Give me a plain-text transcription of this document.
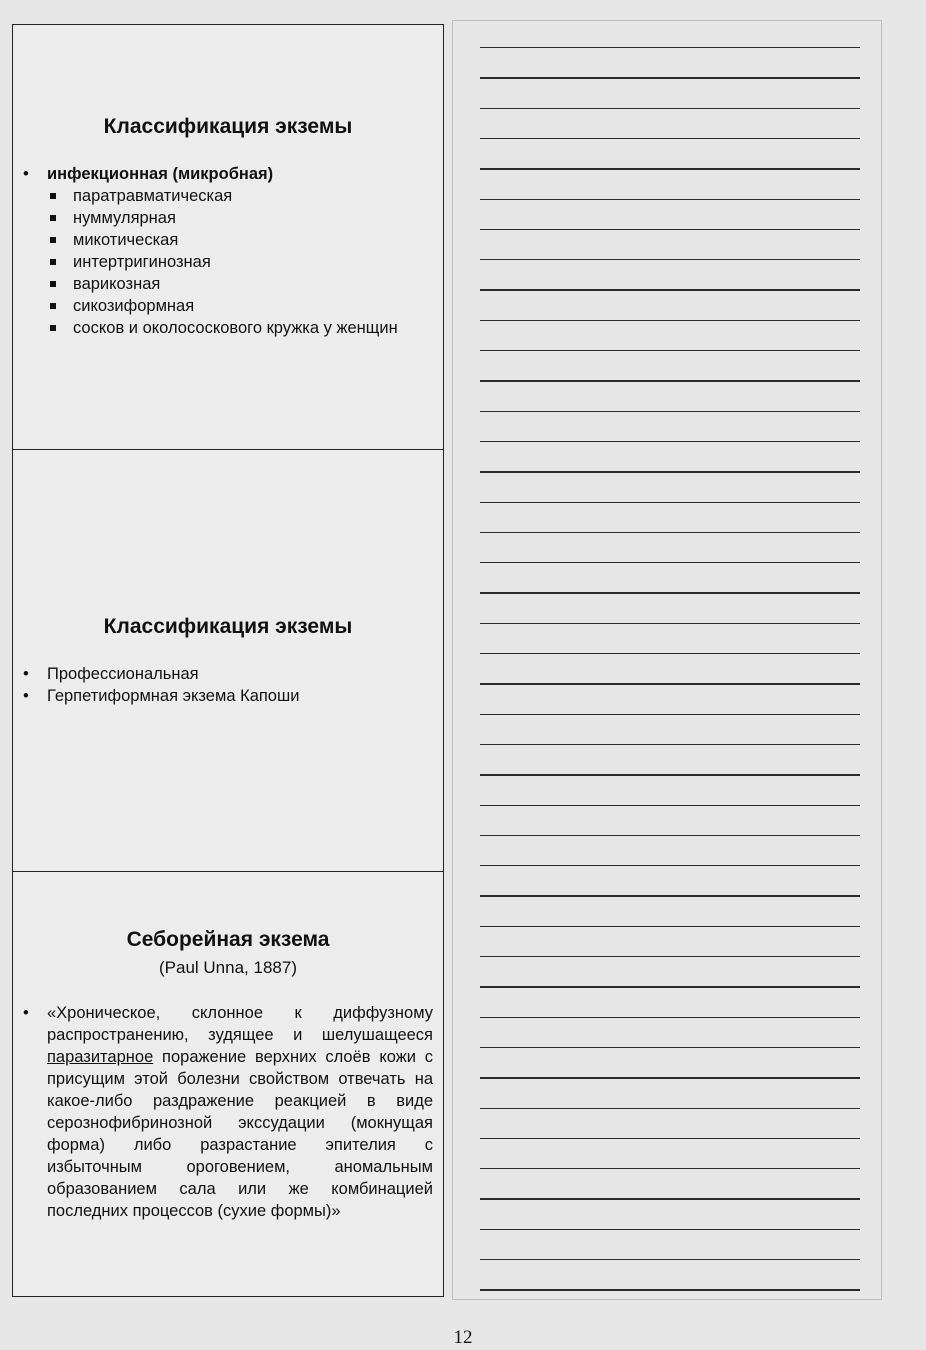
Классификация экземы
• инфекционная (микробная)
паратравматическая
нуммулярная
микотическая
интертригинозная
варикозная
сикозиформная
сосков и околососкового кружка у женщин
Классификация экземы
• Профессиональная
• Герпетиформная экзема Капоши
Себорейная экзема
(Paul Unna, 1887)
• «Хроническое, склонное к диффузному распространению, зудящее и шелушащееся паразитарное поражение верхних слоёв кожи с присущим этой болезни свойством отвечать на какое-либо раздражение реакцией в виде серознофибринозной экссудации (мокнущая форма) либо разрастание эпителия с избыточным ороговением, аномальным образованием сала или же комбинацией последних процессов (сухие формы)»
12
